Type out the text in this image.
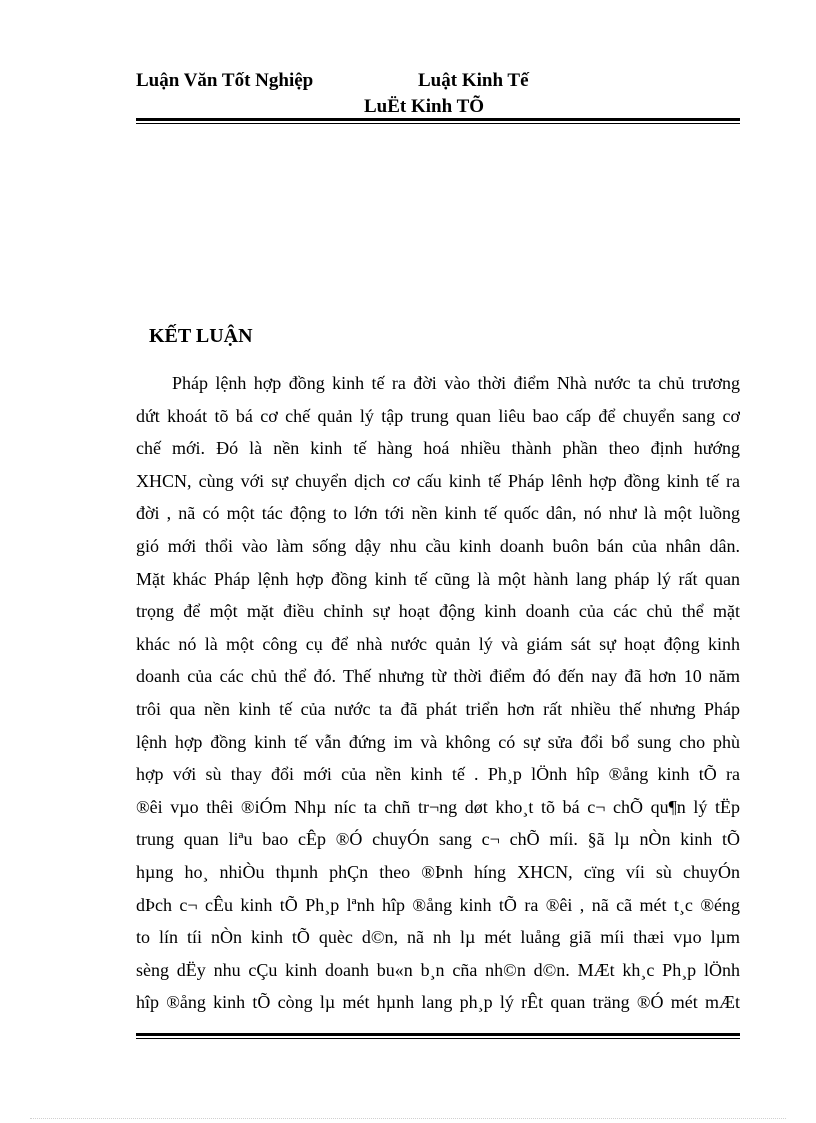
Luận Văn Tốt Nghiệp	Luật Kinh Tế
LuËt Kinh TÕ
KẾT LUẬN
Pháp lệnh hợp đồng kinh tế ra đời vào thời điểm Nhà nước ta chủ trương
dứt khoát tõ bá cơ chế quản lý tập trung quan liêu bao cấp để chuyển sang cơ
chế mới. Đó là nền kinh tế hàng hoá nhiều thành phần theo định hướng
XHCN, cùng với sự chuyển dịch cơ cấu kinh tế Pháp lênh hợp đồng kinh tế ra
đời , nã có một tác động to lớn tới nền kinh tế quốc dân, nó như là một luồng
gió mới thổi vào làm sống dậy nhu cầu kinh doanh buôn bán của nhân dân.
Mặt khác Pháp lệnh hợp đồng kinh tế cũng là một hành lang pháp lý rất quan
trọng để một mặt điều chỉnh sự hoạt động kinh doanh của các chủ thể mặt
khác nó là một công cụ để nhà nước quản lý và giám sát sự hoạt động kinh
doanh của các chủ thể đó. Thế nhưng từ thời điểm đó đến nay đã hơn 10 năm
trôi qua nền kinh tế của nước ta đã phát triển hơn rất nhiều thế nhưng Pháp
lệnh hợp đồng kinh tế vẫn đứng im và không có sự sửa đổi bổ sung cho phù
hợp với sù thay đổi mới của nền kinh tế . Ph¸p lÖnh hîp ®ång kinh tÕ ra
®êi vµo thêi ®iÓm Nhµ níc ta chñ tr¬ng døt kho¸t tõ bá c¬ chÕ qu¶n lý tËp
trung quan liªu bao cÊp ®Ó chuyÓn sang c¬ chÕ míi. §ã lµ nÒn kinh tÕ
hµng ho¸ nhiÒu thµnh phÇn theo ®Þnh híng XHCN, cïng víi sù chuyÓn
dÞch c¬ cÊu kinh tÕ Ph¸p lªnh hîp ®ång kinh tÕ ra ®êi , nã cã mét t¸c ®éng
to lín tíi nÒn kinh tÕ quèc d©n, nã nh lµ mét luång giã míi thæi vµo lµm
sèng dËy nhu cÇu kinh doanh bu«n b¸n cña nh©n d©n. MÆt kh¸c Ph¸p lÖnh
hîp ®ång kinh tÕ còng lµ mét hµnh lang ph¸p lý rÊt quan träng ®Ó mét mÆt
